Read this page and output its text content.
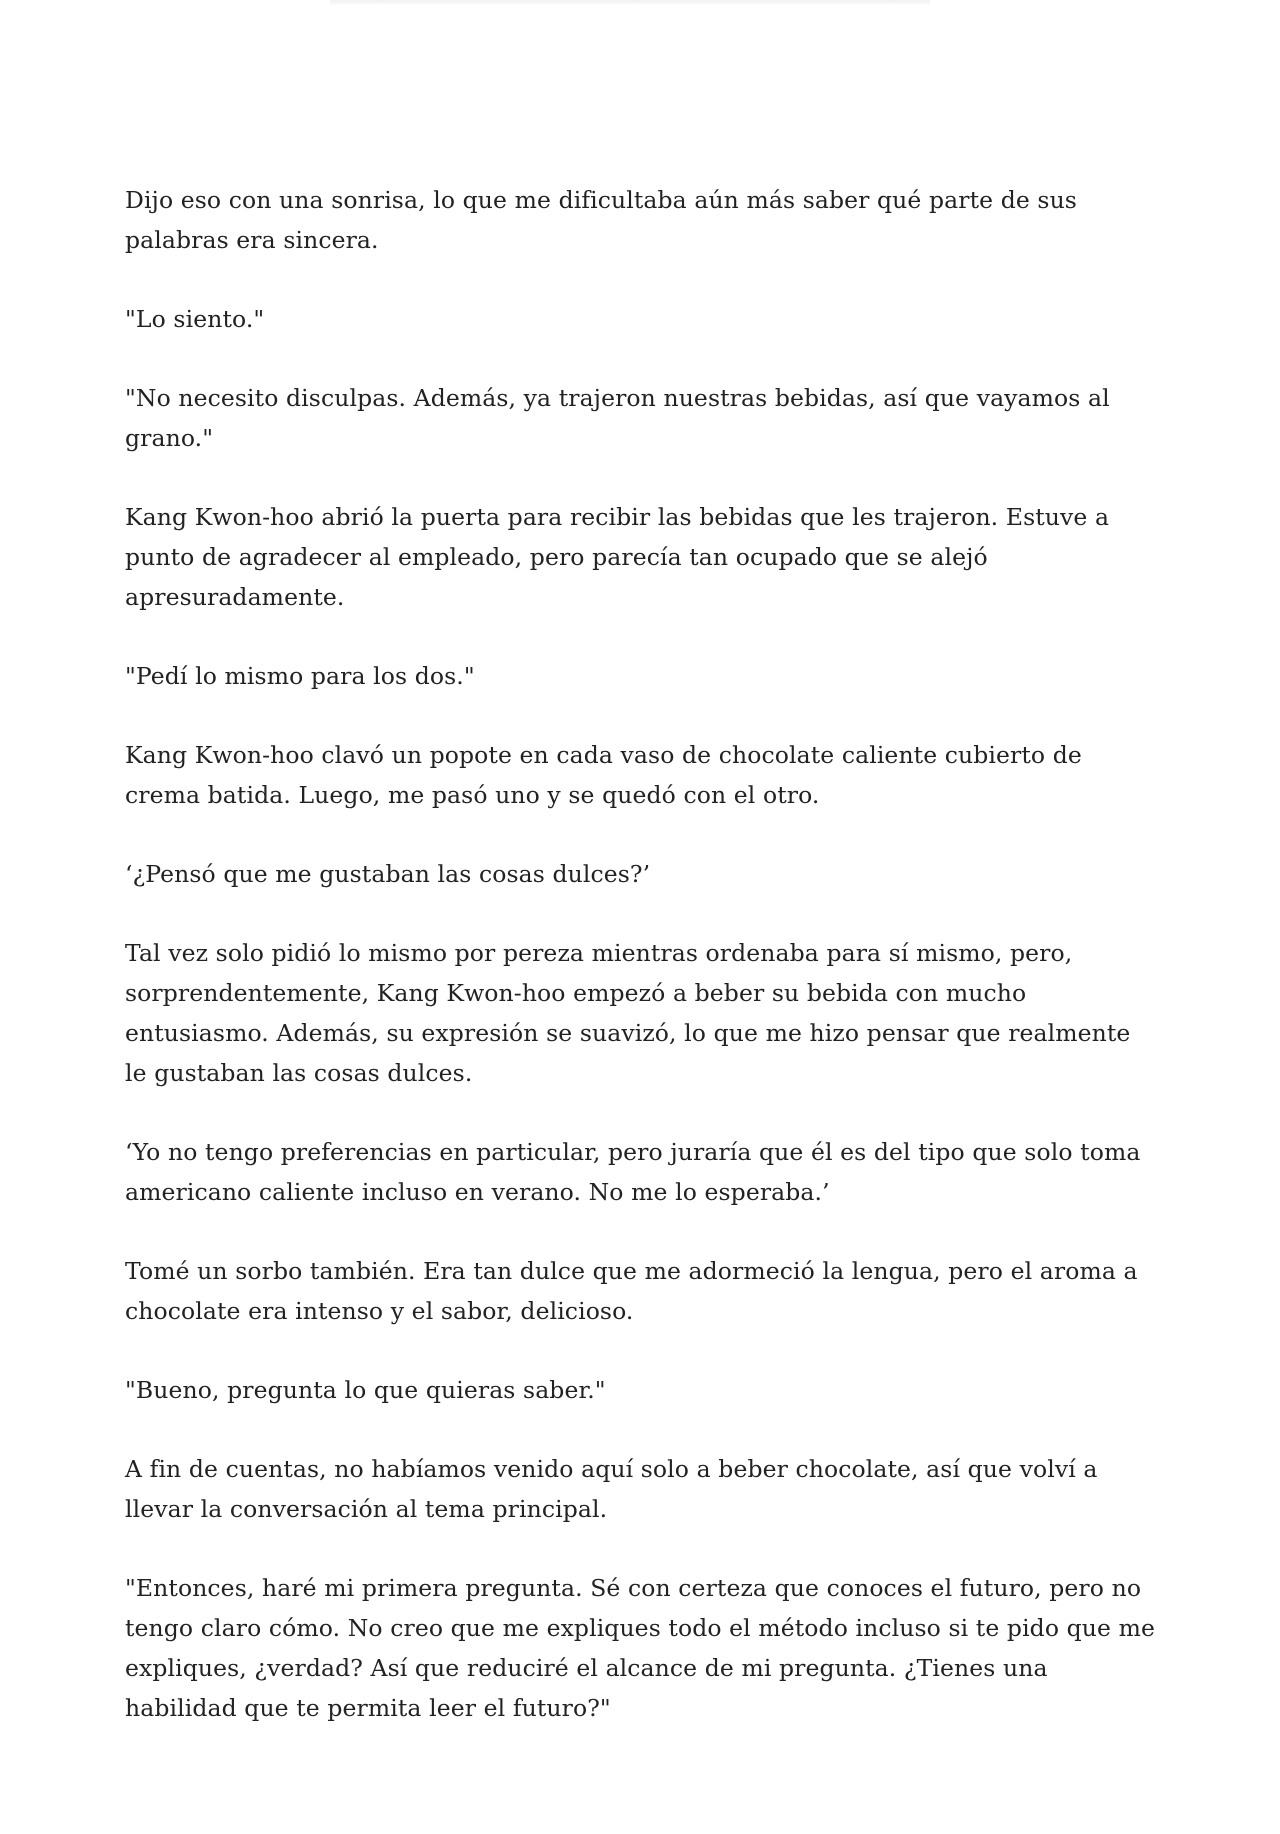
Dijo eso con una sonrisa, lo que me dificultaba aún más saber qué parte de sus palabras era sincera.

"Lo siento."

"No necesito disculpas. Además, ya trajeron nuestras bebidas, así que vayamos al grano."

Kang Kwon-hoo abrió la puerta para recibir las bebidas que les trajeron. Estuve a punto de agradecer al empleado, pero parecía tan ocupado que se alejó apresuradamente.

"Pedí lo mismo para los dos."

Kang Kwon-hoo clavó un popote en cada vaso de chocolate caliente cubierto de crema batida. Luego, me pasó uno y se quedó con el otro.

‘¿Pensó que me gustaban las cosas dulces?’

Tal vez solo pidió lo mismo por pereza mientras ordenaba para sí mismo, pero, sorprendentemente, Kang Kwon-hoo empezó a beber su bebida con mucho entusiasmo. Además, su expresión se suavizó, lo que me hizo pensar que realmente le gustaban las cosas dulces.

‘Yo no tengo preferencias en particular, pero juraría que él es del tipo que solo toma americano caliente incluso en verano. No me lo esperaba.’

Tomé un sorbo también. Era tan dulce que me adormeció la lengua, pero el aroma a chocolate era intenso y el sabor, delicioso.

"Bueno, pregunta lo que quieras saber."

A fin de cuentas, no habíamos venido aquí solo a beber chocolate, así que volví a llevar la conversación al tema principal.

"Entonces, haré mi primera pregunta. Sé con certeza que conoces el futuro, pero no tengo claro cómo. No creo que me expliques todo el método incluso si te pido que me expliques, ¿verdad? Así que reduciré el alcance de mi pregunta. ¿Tienes una habilidad que te permita leer el futuro?"
